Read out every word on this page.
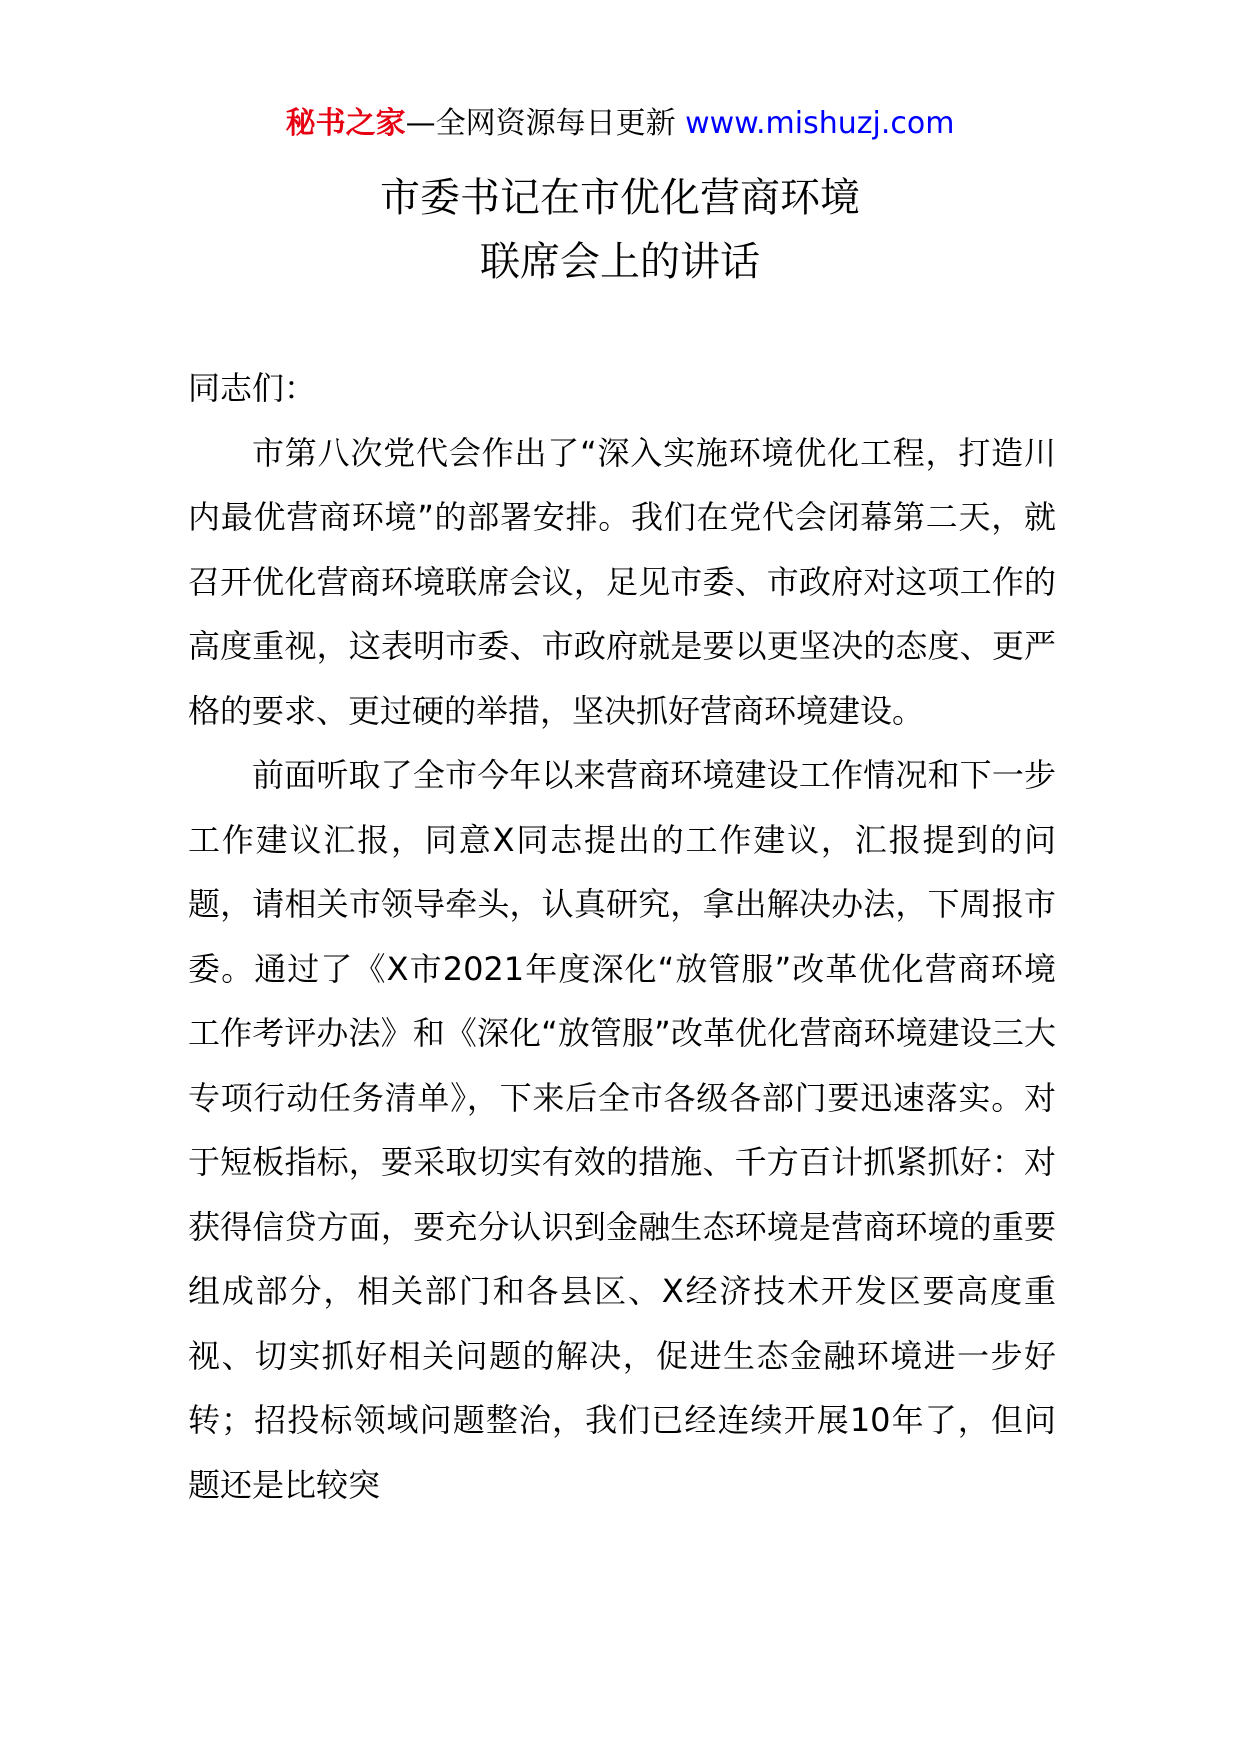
秘书之家—全网资源每日更新 www.mishuzj.com
市委书记在市优化营商环境
联席会上的讲话

同志们：

市第八次党代会作出了“深入实施环境优化工程，打造川内最优营商环境”的部署安排。我们在党代会闭幕第二天，就召开优化营商环境联席会议，足见市委、市政府对这项工作的高度重视，这表明市委、市政府就是要以更坚决的态度、更严格的要求、更过硬的举措，坚决抓好营商环境建设。

前面听取了全市今年以来营商环境建设工作情况和下一步工作建议汇报，同意X同志提出的工作建议，汇报提到的问题，请相关市领导牵头，认真研究，拿出解决办法，下周报市委。通过了《X市2021年度深化“放管服”改革优化营商环境工作考评办法》和《深化“放管服”改革优化营商环境建设三大专项行动任务清单》，下来后全市各级各部门要迅速落实。对于短板指标，要采取切实有效的措施、千方百计抓紧抓好：对获得信贷方面，要充分认识到金融生态环境是营商环境的重要组成部分，相关部门和各县区、X经济技术开发区要高度重视、切实抓好相关问题的解决，促进生态金融环境进一步好转；招投标领域问题整治，我们已经连续开展10年了，但问题还是比较突
